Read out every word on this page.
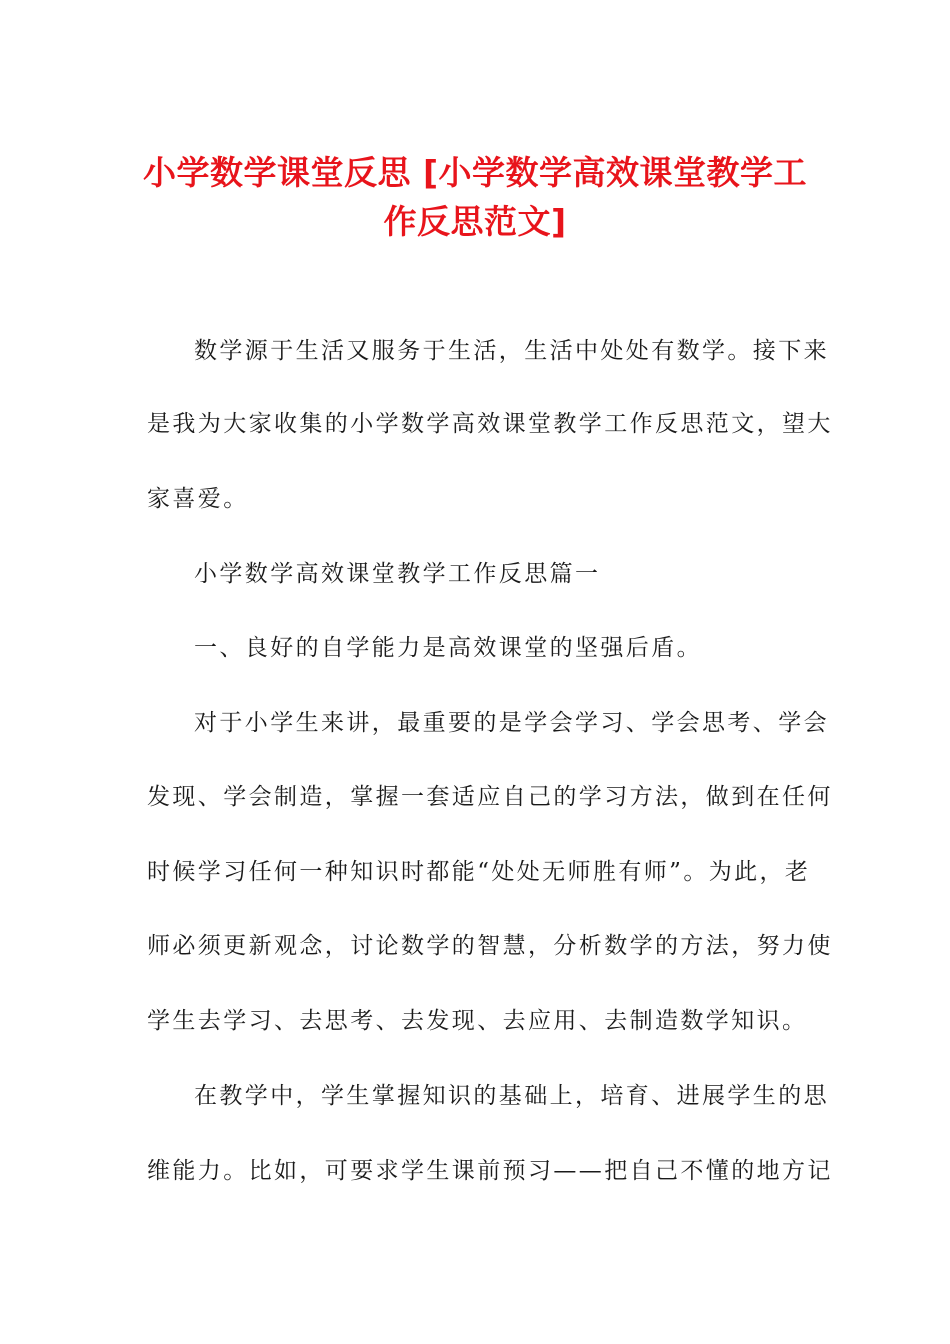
小学数学课堂反思 [小学数学高效课堂教学工
作反思范文]
数学源于生活又服务于生活，生活中处处有数学。接下来
是我为大家收集的小学数学高效课堂教学工作反思范文，望大
家喜爱。
小学数学高效课堂教学工作反思篇一
一、良好的自学能力是高效课堂的坚强后盾。
对于小学生来讲，最重要的是学会学习、学会思考、学会
发现、学会制造，掌握一套适应自己的学习方法，做到在任何
时候学习任何一种知识时都能“处处无师胜有师”。为此，老
师必须更新观念，讨论数学的智慧，分析数学的方法，努力使
学生去学习、去思考、去发现、去应用、去制造数学知识。
在教学中，学生掌握知识的基础上，培育、进展学生的思
维能力。比如，可要求学生课前预习——把自己不懂的地方记
